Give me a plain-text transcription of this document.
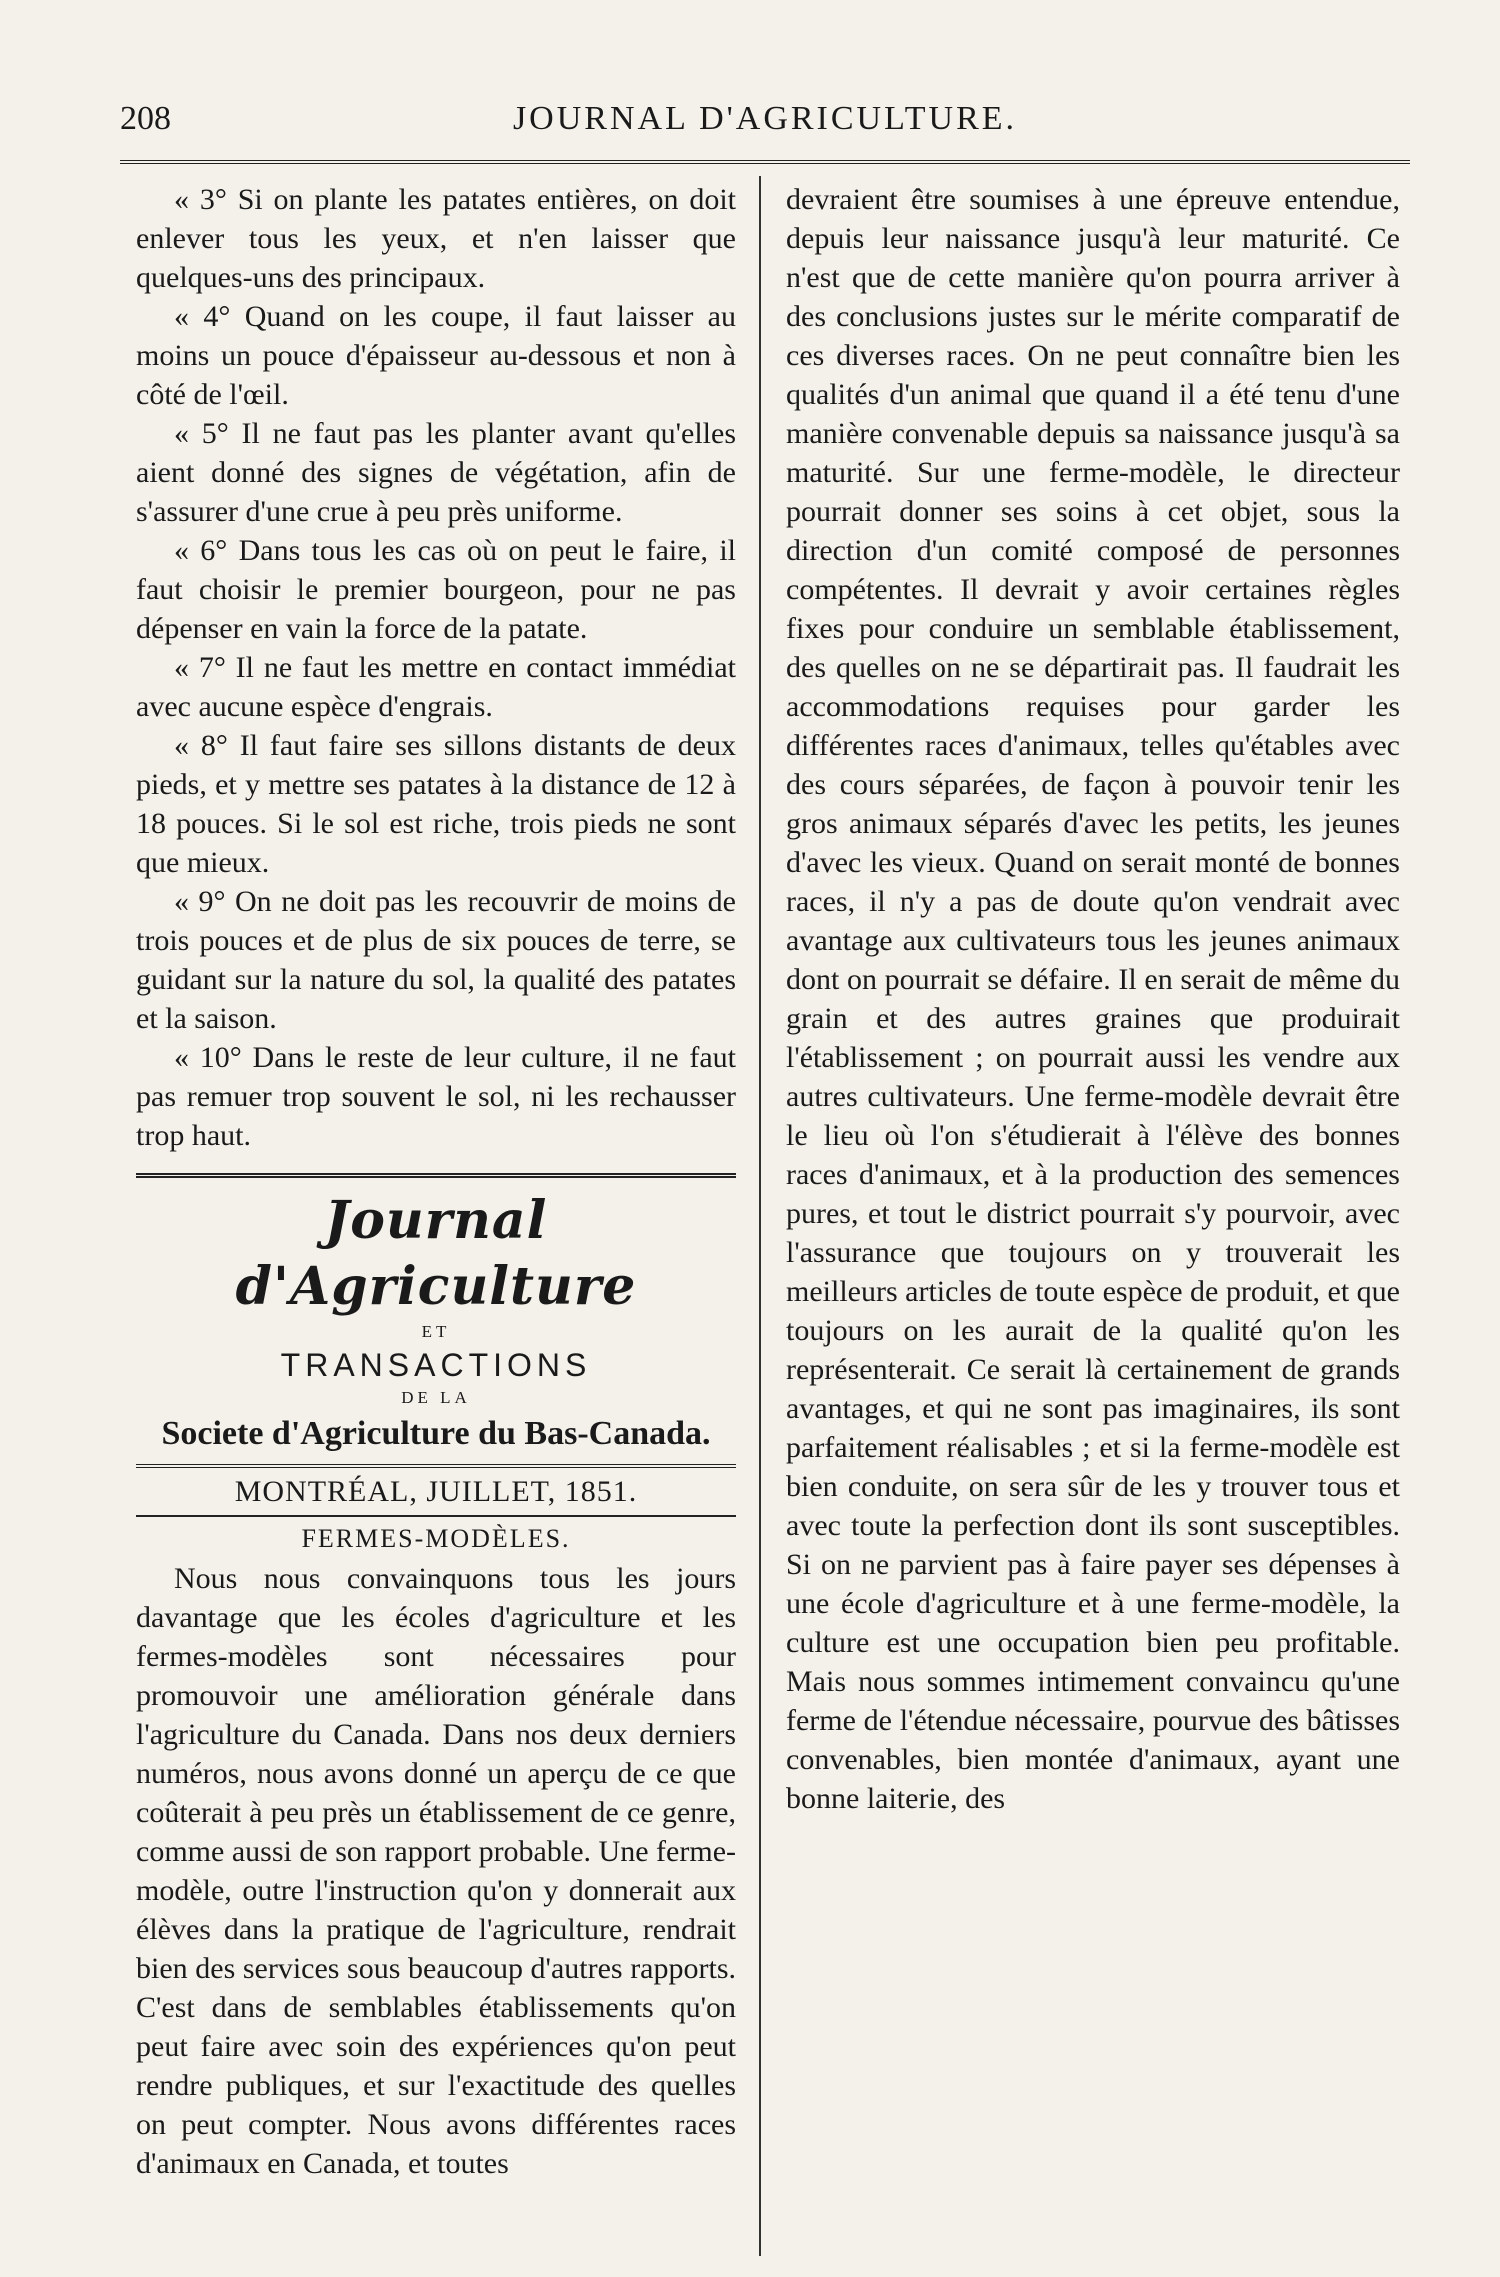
JOURNAL D'AGRICULTURE.
208

« 3° Si on plante les patates entières, on doit enlever tous les yeux, et n'en laisser que quelques-uns des principaux.

« 4° Quand on les coupe, il faut laisser au moins un pouce d'épaisseur au-dessous et non à côté de l'œil.

« 5° Il ne faut pas les planter avant qu'elles aient donné des signes de végétation, afin de s'assurer d'une crue à peu près uniforme.

« 6° Dans tous les cas où on peut le faire, il faut choisir le premier bourgeon, pour ne pas dépenser en vain la force de la patate.

« 7° Il ne faut les mettre en contact immédiat avec aucune espèce d'engrais.

« 8° Il faut faire ses sillons distants de deux pieds, et y mettre ses patates à la distance de 12 à 18 pouces. Si le sol est riche, trois pieds ne sont que mieux.

« 9° On ne doit pas les recouvrir de moins de trois pouces et de plus de six pouces de terre, se guidant sur la nature du sol, la qualité des patates et la saison.

« 10° Dans le reste de leur culture, il ne faut pas remuer trop souvent le sol, ni les rechausser trop haut.

Journal d'Agriculture
ET
TRANSACTIONS
DE LA
Societe d'Agriculture du Bas-Canada.
MONTRÉAL, JUILLET, 1851.
FERMES-MODÈLES.

Nous nous convainquons tous les jours davantage que les écoles d'agriculture et les fermes-modèles sont nécessaires pour promouvoir une amélioration générale dans l'agriculture du Canada. Dans nos deux derniers numéros, nous avons donné un aperçu de ce que coûterait à peu près un établissement de ce genre, comme aussi de son rapport probable. Une ferme-modèle, outre l'instruction qu'on y donnerait aux élèves dans la pratique de l'agriculture, rendrait bien des services sous beaucoup d'autres rapports. C'est dans de semblables établissements qu'on peut faire avec soin des expériences qu'on peut rendre publiques, et sur l'exactitude des quelles on peut compter. Nous avons différentes races d'animaux en Canada, et toutes

devraient être soumises à une épreuve entendue, depuis leur naissance jusqu'à leur maturité. Ce n'est que de cette manière qu'on pourra arriver à des conclusions justes sur le mérite comparatif de ces diverses races. On ne peut connaître bien les qualités d'un animal que quand il a été tenu d'une manière convenable depuis sa naissance jusqu'à sa maturité. Sur une ferme-modèle, le directeur pourrait donner ses soins à cet objet, sous la direction d'un comité composé de personnes compétentes. Il devrait y avoir certaines règles fixes pour conduire un semblable établissement, des quelles on ne se départirait pas. Il faudrait les accommodations requises pour garder les différentes races d'animaux, telles qu'étables avec des cours séparées, de façon à pouvoir tenir les gros animaux séparés d'avec les petits, les jeunes d'avec les vieux. Quand on serait monté de bonnes races, il n'y a pas de doute qu'on vendrait avec avantage aux cultivateurs tous les jeunes animaux dont on pourrait se défaire. Il en serait de même du grain et des autres graines que produirait l'établissement ; on pourrait aussi les vendre aux autres cultivateurs. Une ferme-modèle devrait être le lieu où l'on s'étudierait à l'élève des bonnes races d'animaux, et à la production des semences pures, et tout le district pourrait s'y pourvoir, avec l'assurance que toujours on y trouverait les meilleurs articles de toute espèce de produit, et que toujours on les aurait de la qualité qu'on les représenterait. Ce serait là certainement de grands avantages, et qui ne sont pas imaginaires, ils sont parfaitement réalisables ; et si la ferme-modèle est bien conduite, on sera sûr de les y trouver tous et avec toute la perfection dont ils sont susceptibles. Si on ne parvient pas à faire payer ses dépenses à une école d'agriculture et à une ferme-modèle, la culture est une occupation bien peu profitable. Mais nous sommes intimement convaincu qu'une ferme de l'étendue nécessaire, pourvue des bâtisses convenables, bien montée d'animaux, ayant une bonne laiterie, des
